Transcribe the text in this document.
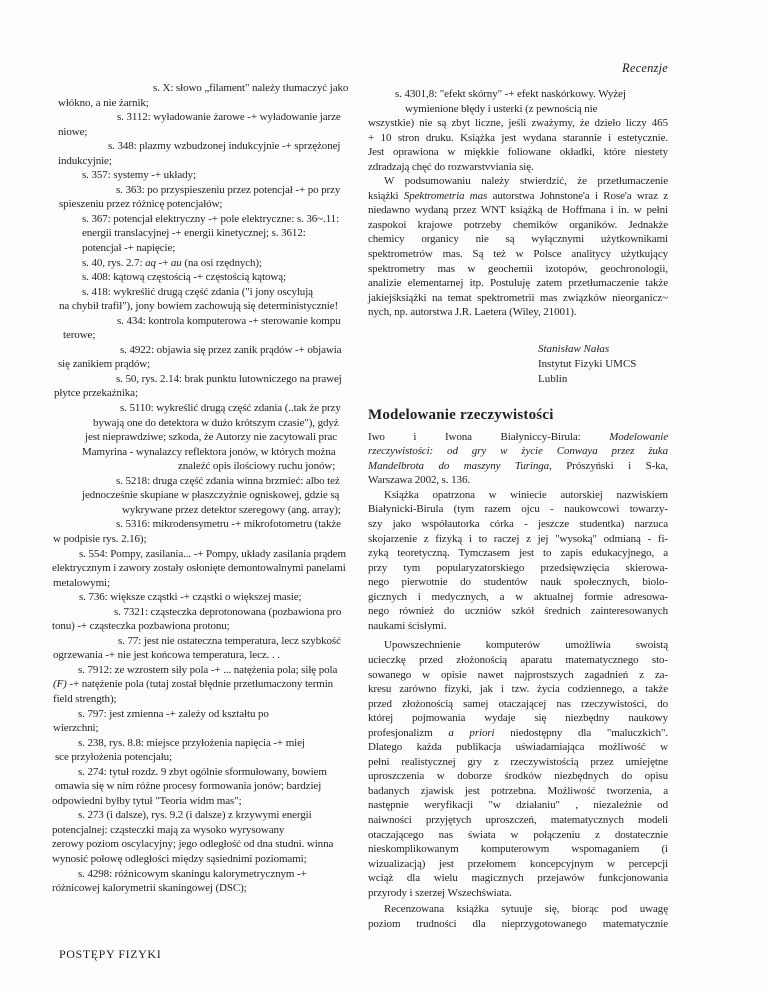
Recenzje
s. X: słowo „filament" należy tłumaczyć jako
włókno, a nie żarnik;
s. 3112: wyładowanie żarowe -+ wyładowanie jarze
niowe;
s. 348: plazmy wzbudzonej indukcyjnie -+ sprzężonej
indukcyjnie;
s. 357: systemy -+ układy;
s. 363: po przyspieszeniu przez potencjał -+ po przy
spieszeniu przez różnicę potencjałów;
s. 367: potencjał elektryczny -+ pole elektryczne: s. 36~.11:
energii translacyjnej -+ energii kinetycznej; s. 3612:
potencjał -+ napięcie;
s. 40, rys. 2.7: aq -+ au (na osi rzędnych);
s. 408: kątową częstością -+ częstością kątową;
s. 418: wykreślić drugą część zdania ("i jony oscylują
na chybił trafił"), jony bowiem zachowują się deterministycznie!
s. 434: kontrola komputerowa -+ sterowanie kompu
terowe;
s. 4922: objawia się przez zanik prądów -+ objawia
się zanikiem prądów;
s. 50, rys. 2.14: brak punktu lutowniczego na prawej
płytce przekaźnika;
s. 5110: wykreślić drugą część zdania (..tak że przy
bywają one do detektora w dużo krótszym czasie"), gdyż
jest nieprawdziwe; szkoda, że Autorzy nie zacytowali prac
Mamyrina - wynalazcy reflektora jonów, w których można
znaleźć opis ilościowy ruchu jonów;
s. 5218: druga część zdania winna brzmieć: albo też
jednocześnie skupiane w płaszczyźnie ogniskowej, gdzie są
wykrywane przez detektor szeregowy (ang. array);
s. 5316: mikrodensymetru -+ mikrofotometru (także
w podpisie rys. 2.16);
s. 554: Pompy, zasilania... -+ Pompy, układy zasilania prądem
elektrycznym i zawory zostały osłonięte demontowalnymi panelami
metalowymi;
s. 736: większe cząstki -+ cząstki o większej masie;
s. 7321: cząsteczka deprotonowana (pozbawiona pro
tonu) -+ cząsteczka pozbawiona protonu;
s. 77: jest nie ostateczna temperatura, lecz szybkość
ogrzewania -+ nie jest końcowa temperatura, lecz. . .
s. 7912: ze wzrostem siły pola -+ ... natężenia pola; siłę pola
(F) -+ natężenie pola (tutaj został błędnie przetłumaczony termin
field strength);
s. 797: jest zmienna -+ zależy od kształtu po
wierzchni;
s. 238, rys. 8.8: miejsce przyłożenia napięcia -+ miej
sce przyłożenia potencjału;
s. 274: tytuł rozdz. 9 zbyt ogólnie sformułowany, bowiem
omawia się w nim różne procesy formowania jonów; bardziej
odpowiedni byłby tytuł "Teoria widm mas";
s. 273 (i dalsze), rys. 9.2 (i dalsze) z krzywymi energii
potencjalnej: cząsteczki mają za wysoko wyrysowany
zerowy poziom oscylacyjny; jego odległość od dna studni. winna
wynosić połowę odległości między sąsiednimi poziomami;
s. 4298: różnicowym skaningu kalorymetrycznym -+
różnicowej kalorymetrii skaningowej (DSC);
s. 4301,8: "efekt skórny" -+ efekt naskórkowy. Wyżej
wymienione błędy i usterki (z pewnością nie
wszystkie) nie są zbyt liczne, jeśli zważymy, że dzieło liczy 465
+ 10 stron druku. Książka jest wydana starannie i estetycznie.
Jest oprawiona w miękkie foliowane okładki, które niestety
zdradzają chęć do rozwarstvviania się.
W podsumowaniu należy stwierdzić, że przetłumaczenie
książki Spektrometria mas autorstwa Johnstone'a i Rose'a wraz z
niedawno wydaną przez WNT książką de Hoffmana i in. w pełni
zaspokoi krajowe potrzeby chemików organików. Jednakże
chemicy organicy nie są wyłącznymi użytkownikami
spektrometrów mas. Są też w Polsce analitycy użytkujący
spektrometry mas w geochemii izotopów, geochronologii,
analizie elementarnej itp. Postuluję zatem przetłumaczenie także
jakiejśksiążki na temat spektrometrii mas związków nieorganicz~
nych, np. autorstwa J.R. Laetera (Wiley, 21001).
Stanisław Nałas
Instytut Fizyki UMCS
Lublin
Modelowanie rzeczywistości
Iwo i Iwona Białyniccy-Birula: Modelowanie
rzeczywistości: od gry w życie Conwaya przez żuka
Mandelbrota do maszyny Turinga, Prószyński i S-ka,
Warszawa 2002, s. 136.
Książka opatrzona w winiecie autorskiej nazwiskiem
Białynicki-Birula (tym razem ojcu - naukowcowi towarzy-
szy jako współautorka córka - jeszcze studentka) narzuca
skojarzenie z fizyką i to raczej z jej "wysoką" odmianą - fi-
zyką teoretyczną. Tymczasem jest to zapis edukacyjnego, a
przy tym popularyzatorskiego przedsięwzięcia skierowa-
nego pierwotnie do studentów nauk społecznych, biolo-
gicznych i medycznych, a w aktualnej formie adresowa-
nego również do uczniów szkół średnich zainteresowanych
naukami ścisłymi.
Upowszechnienie komputerów umożliwia swoistą
ucieczkę przed złożonością aparatu matematycznego sto-
sowanego w opisie nawet najprostszych zagadnień z za-
kresu zarówno fizyki, jak i tzw. życia codziennego, a także
przed złożonością samej otaczającej nas rzeczywistości, do
której pojmowania wydaje się niezbędny naukowy
profesjonalizm a priori niedostępny dla "maluczkich".
Dlatego każda publikacja uświadamiająca możliwość w
pełni realistycznej gry z rzeczywistością przez umiejętne
uproszczenia w doborze środków niezbędnych do opisu
badanych zjawisk jest potrzebna. Możliwość tworzenia, a
następnie weryfikacji "w działaniu" , niezależnie od
naiwności przyjętych uproszczeń, matematycznych modeli
otaczającego nas świata w połączeniu z dostatecznie
nieskomplikowanym komputerowym wspomaganiem (i
wizualizacją) jest przełomem koncepcyjnym w percepcji
wciąż dla wielu magicznych przejawów funkcjonowania
przyrody i szerzej Wszechświata.
Recenzowana książka sytuuje się, biorąc pod uwagę
poziom trudności dla nieprzygotowanego matematycznie
POSTĘPY FIZYKI
